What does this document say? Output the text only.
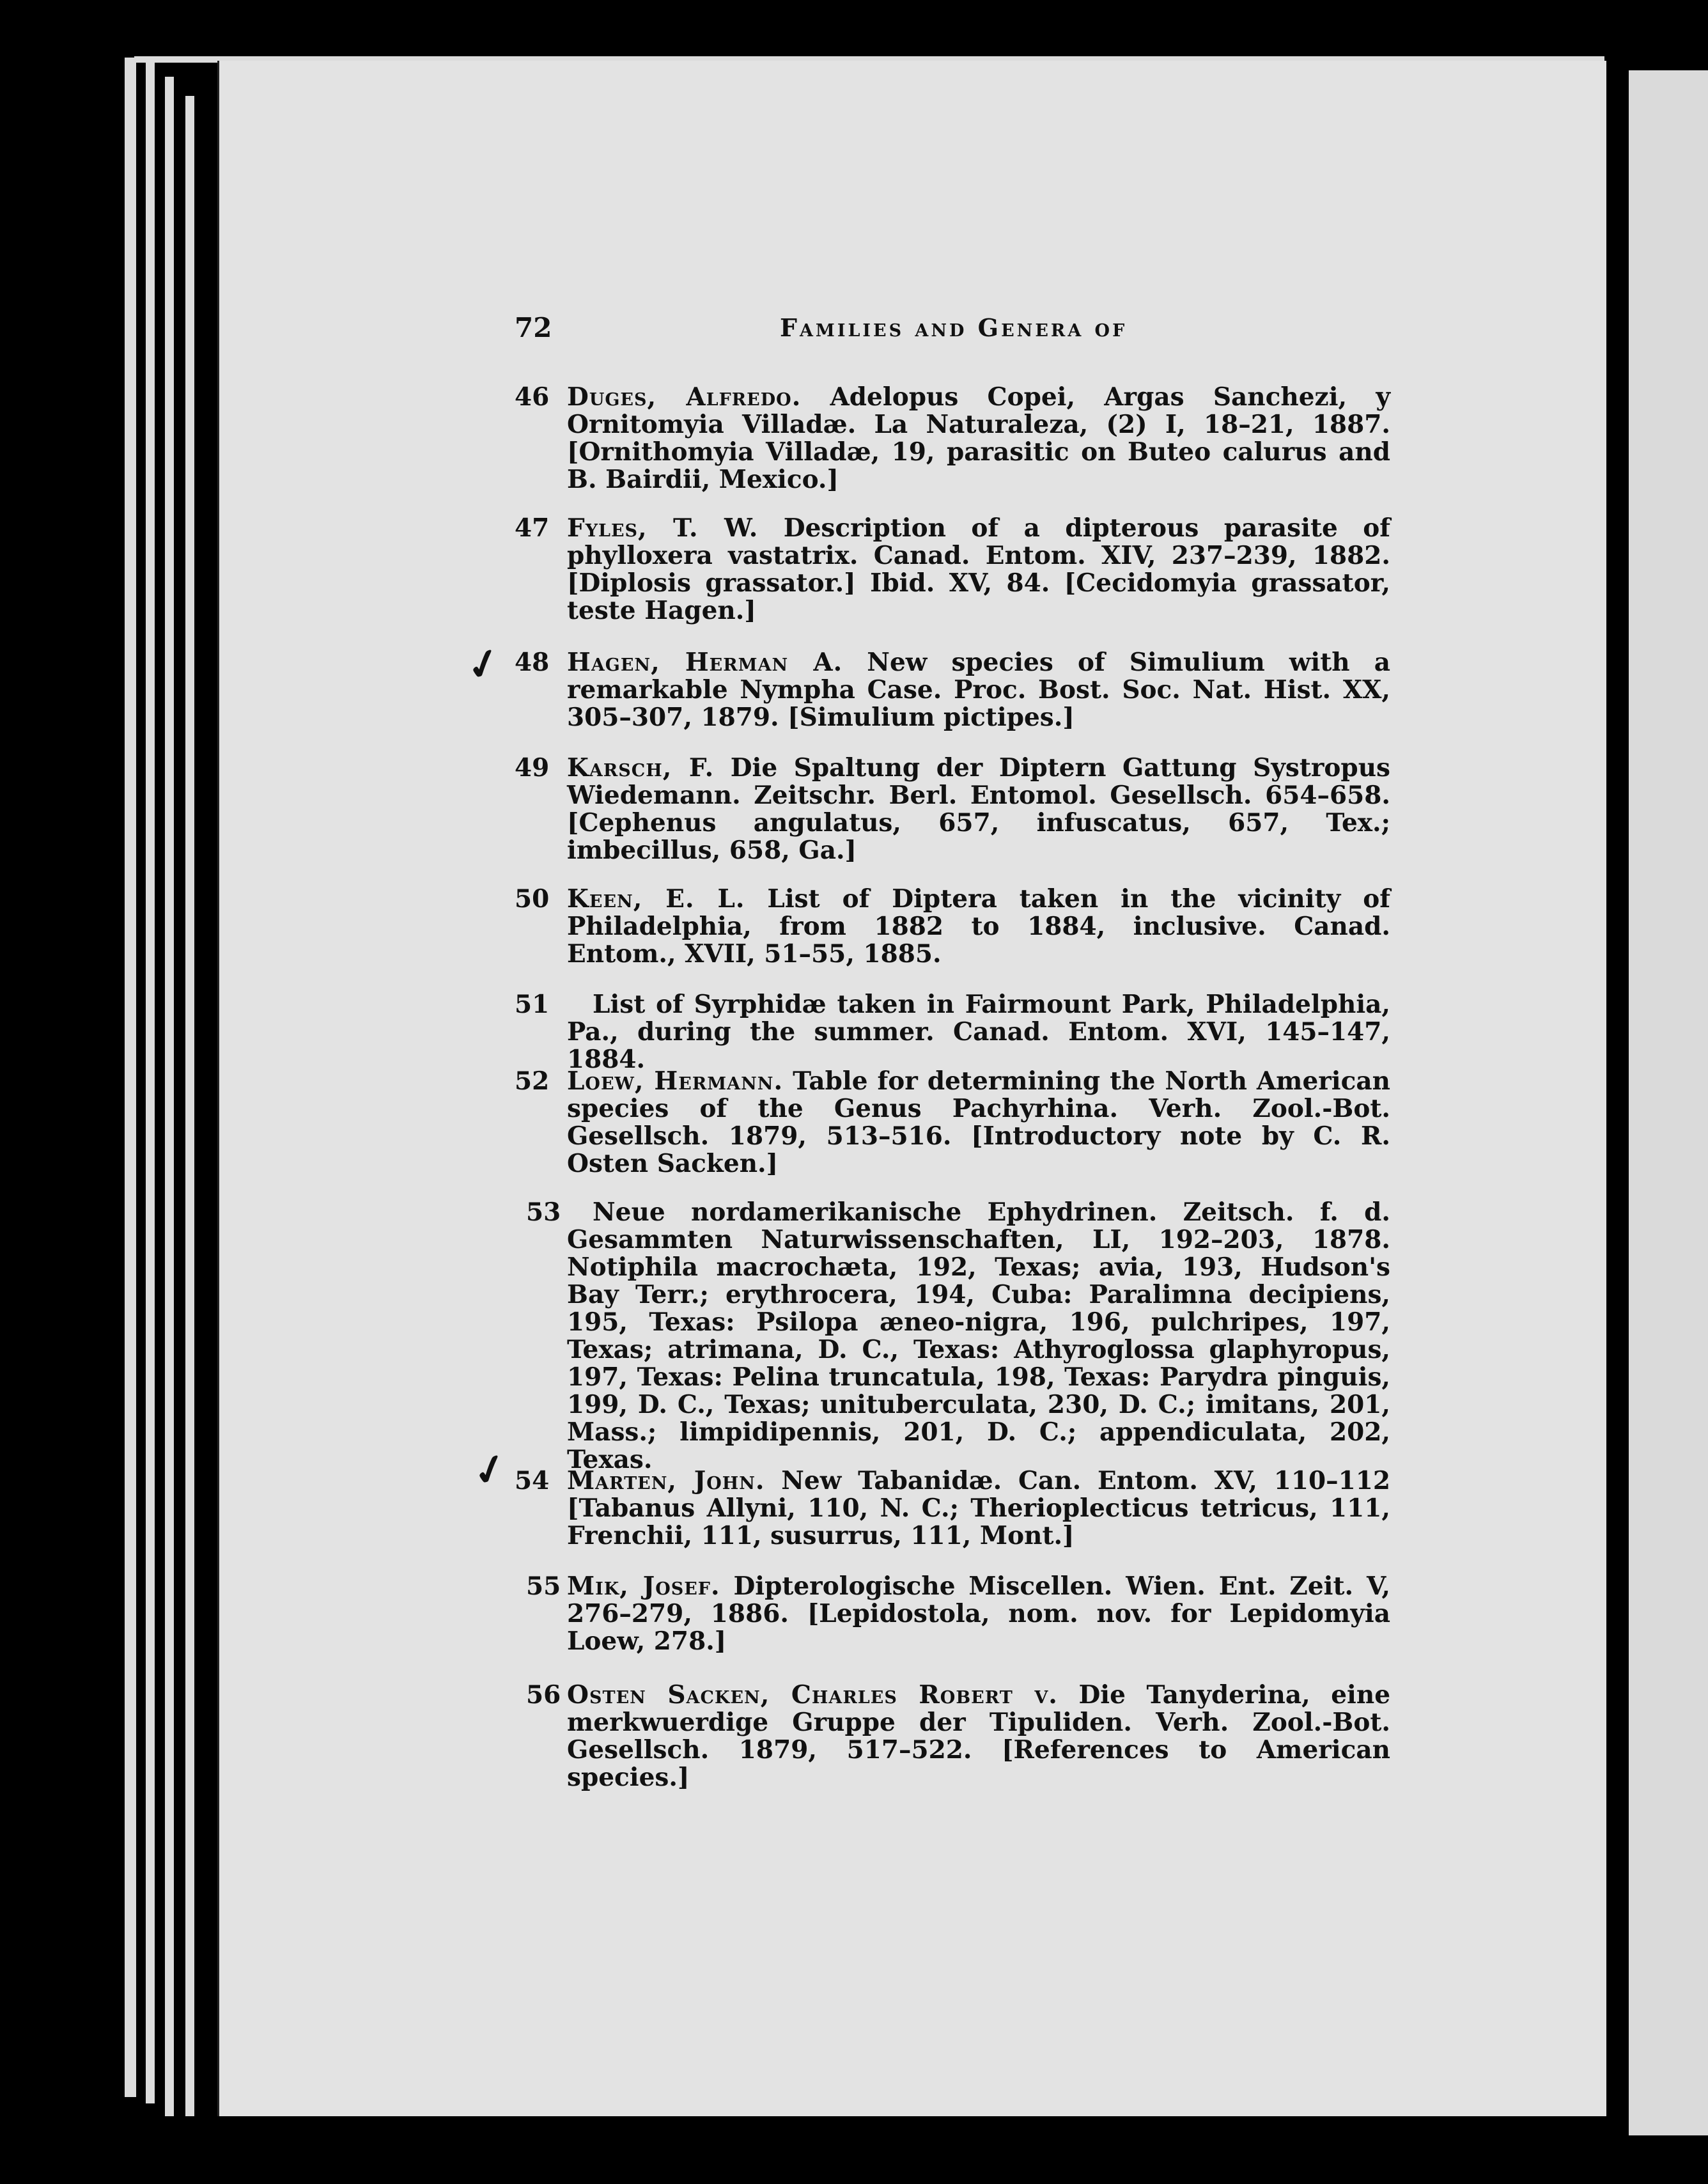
72	Families and Genera of
✓
✓
46 Duges, Alfredo. Adelopus Copei, Argas Sanchezi, y Ornitomyia Villadæ. La Naturaleza, (2) I, 18–21, 1887. [Ornithomyia Villadæ, 19, parasitic on Buteo calurus and B. Bairdii, Mexico.]
47 Fyles, T. W. Description of a dipterous parasite of phylloxera vastatrix. Canad. Entom. XIV, 237–239, 1882. [Diplosis grassator.] Ibid. XV, 84. [Cecidomyia grassator, teste Hagen.]
48 Hagen, Herman A. New species of Simulium with a remarkable Nympha Case. Proc. Bost. Soc. Nat. Hist. XX, 305–307, 1879. [Simulium pictipes.]
49 Karsch, F. Die Spaltung der Diptern Gattung Systropus Wiedemann. Zeitschr. Berl. Entomol. Gesellsch. 654–658. [Cephenus angulatus, 657, infuscatus, 657, Tex.; imbecillus, 658, Ga.]
50 Keen, E. L. List of Diptera taken in the vicinity of Philadelphia, from 1882 to 1884, inclusive. Canad. Entom., XVII, 51–55, 1885.
51	List of Syrphidæ taken in Fairmount Park, Philadelphia, Pa., during the summer. Canad. Entom. XVI, 145–147, 1884.
52 Loew, Hermann. Table for determining the North American species of the Genus Pachyrhina. Verh. Zool.-Bot. Gesellsch. 1879, 513–516. [Introductory note by C. R. Osten Sacken.]
53	Neue nordamerikanische Ephydrinen. Zeitsch. f. d. Gesammten Naturwissenschaften, LI, 192–203, 1878. Notiphila macrochæta, 192, Texas; avia, 193, Hudson's Bay Terr.; erythrocera, 194, Cuba: Paralimna decipiens, 195, Texas: Psilopa æneo-nigra, 196, pulchripes, 197, Texas; atrimana, D. C., Texas: Athyroglossa glaphyropus, 197, Texas: Pelina truncatula, 198, Texas: Parydra pinguis, 199, D. C., Texas; unituberculata, 230, D. C.; imitans, 201, Mass.; limpidipennis, 201, D. C.; appendiculata, 202, Texas.
54 Marten, John. New Tabanidæ. Can. Entom. XV, 110–112 [Tabanus Allyni, 110, N. C.; Therioplecticus tetricus, 111, Frenchii, 111, susurrus, 111, Mont.]
55 Mik, Josef. Dipterologische Miscellen. Wien. Ent. Zeit. V, 276–279, 1886. [Lepidostola, nom. nov. for Lepidomyia Loew, 278.]
56 Osten Sacken, Charles Robert v. Die Tanyderina, eine merkwuerdige Gruppe der Tipuliden. Verh. Zool.-Bot. Gesellsch. 1879, 517–522. [References to American species.]
